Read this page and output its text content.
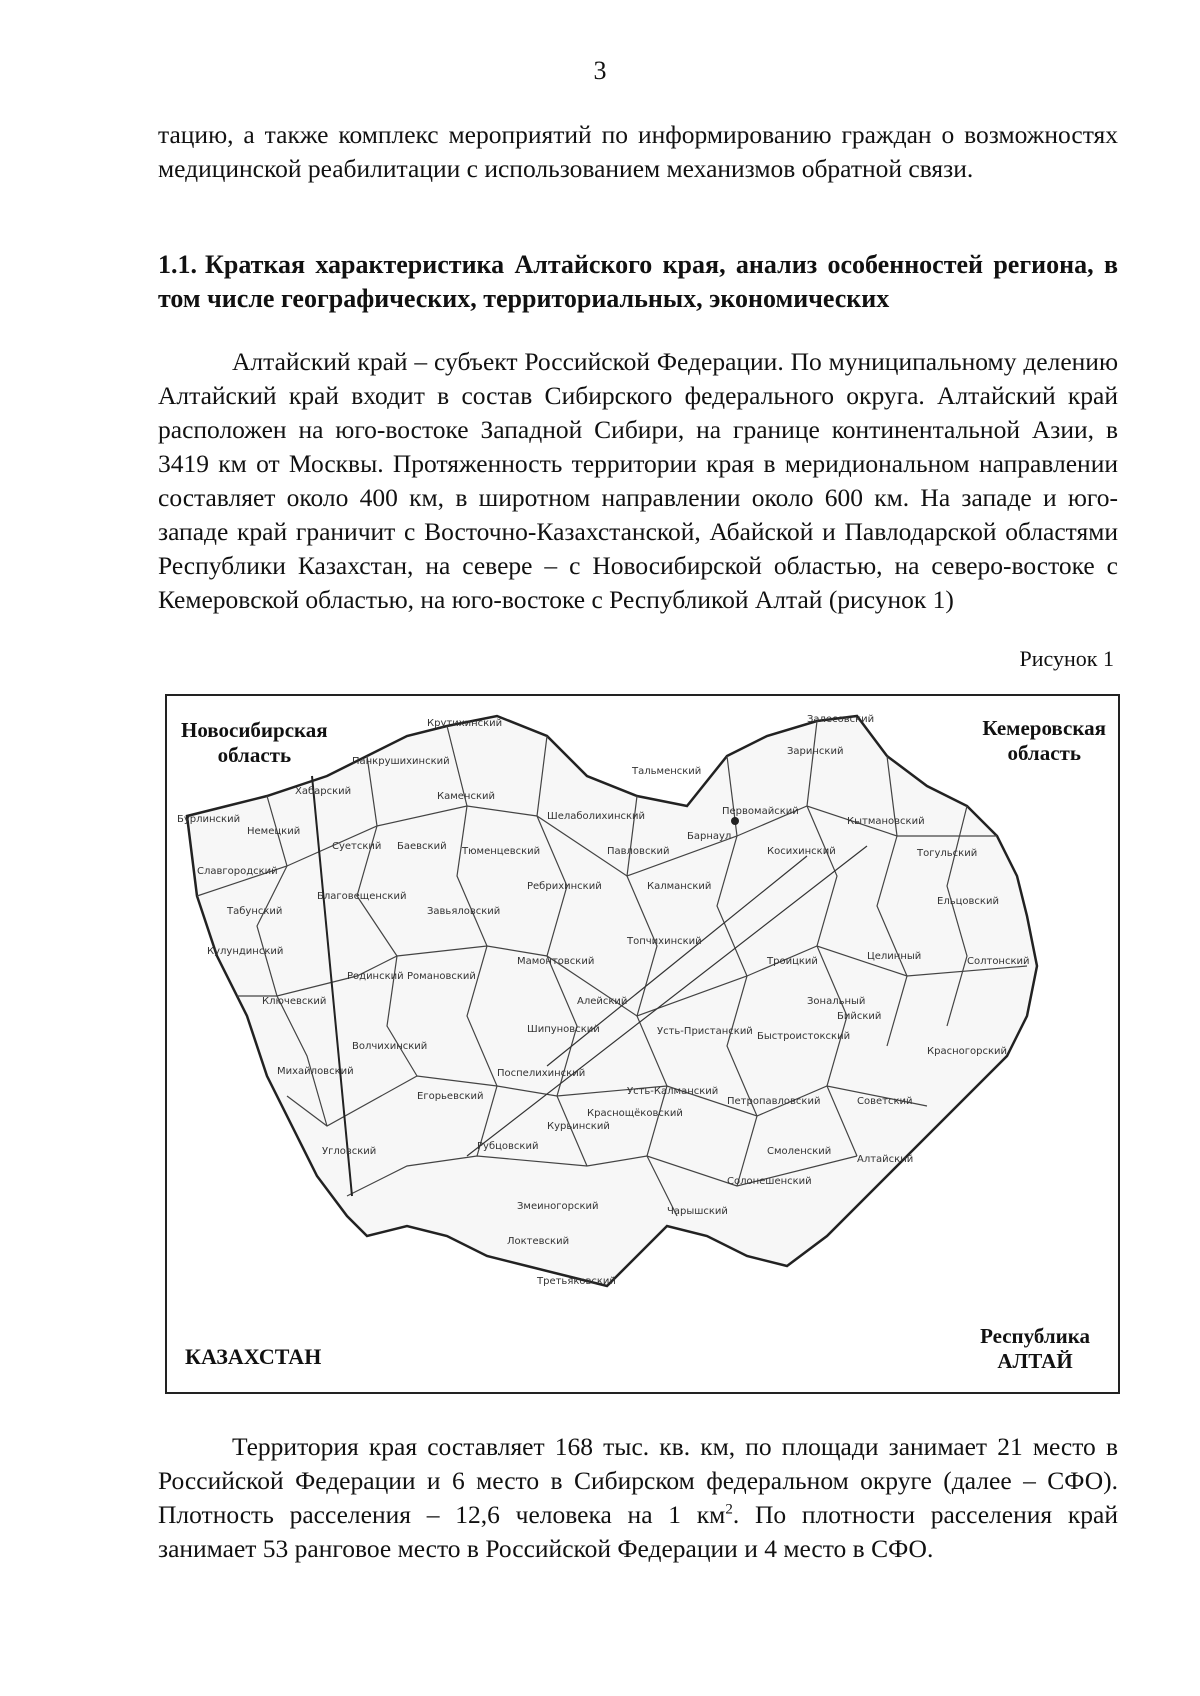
3
тацию, а также комплекс мероприятий по информированию граждан о возможностях медицинской реабилитации с использованием механизмов обратной связи.
1.1. Краткая характеристика Алтайского края, анализ особенностей региона, в том числе географических, территориальных, экономических
Алтайский край – субъект Российской Федерации. По муниципальному делению Алтайский край входит в состав Сибирского федерального округа. Алтайский край расположен на юго-востоке Западной Сибири, на границе континентальной Азии, в 3419 км от Москвы. Протяженность территории края в меридиональном направлении составляет около 400 км, в широтном направлении около 600 км. На западе и юго-западе край граничит с Восточно-Казахстанской, Абайской и Павлодарской областями Республики Казахстан, на севере – с Новосибирской областью, на северо-востоке с Кемеровской областью, на юго-востоке с Республикой Алтай (рисунок 1)
Рисунок 1
Новосибирская
область
Кемеровская
область
КАЗАХСТАН
Республика
АЛТАЙ
Крутихинский
Панкрушихинский
Хабарский
Бурлинский
Немецкий
Славгородский
Табунский
Кулундинский
Ключевский
Михайловский
Каменский
Баевский
Суетский	Тюменцевский
Завьяловский
Благовещенский
Родинский Романовский
Волчихинский
Угловский
Егорьевский
Поспелихинский
Рубцовский
Локтевский
Змеиногорский
Третьяковский
Курьинский
Краснощёковский
Шипуновский
Мамонтовский
Ребрихинский
Павловский
Барнаул
Шелаболихинский
Тальменский
Заринский
Залесовский
Первомайский
Косихинский
Калманский
Топчихинский
Алейский
Усть-Пристанский
Усть-Калманский
Чарышский
Петропавловский
Смоленский
Алтайский
Советский
Быстроистокский
Бийский
Целинный	Солтонский
Троицкий
Красногорский
Ельцовский
Тогульский
Кытмановский
Зональный
Солонешенский
Территория края составляет 168 тыс. кв. км, по площади занимает 21 место в Российской Федерации и 6 место в Сибирском федеральном округе (далее – СФО). Плотность расселения – 12,6 человека на 1 $км^2$. По плотности расселения край занимает 53 ранговое место в Российской Федерации и 4 место в СФО.
